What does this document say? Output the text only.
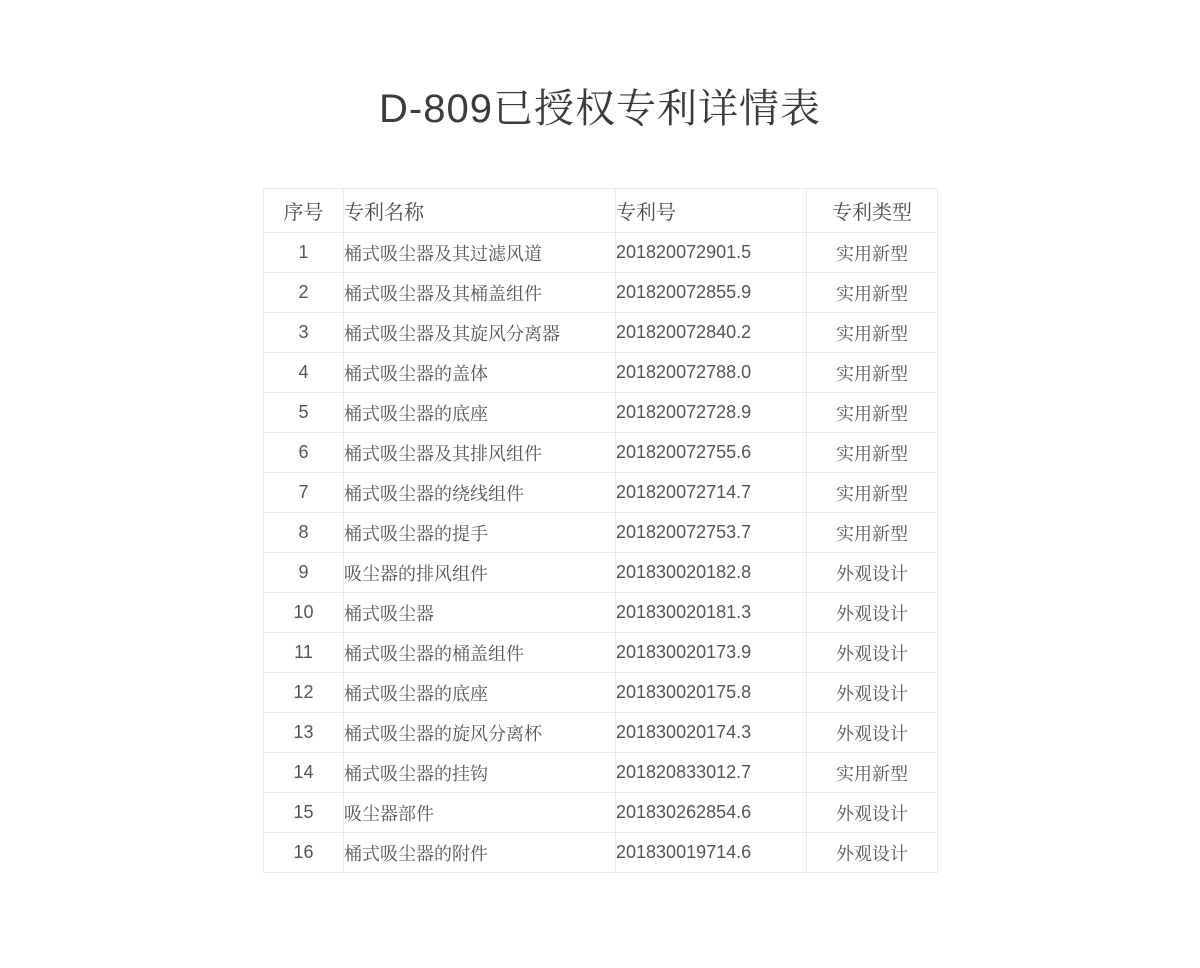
D-809已授权专利详情表
序号	专利名称	专利号	专利类型
1	桶式吸尘器及其过滤风道	201820072901.5	实用新型
2	桶式吸尘器及其桶盖组件	201820072855.9	实用新型
3	桶式吸尘器及其旋风分离器	201820072840.2	实用新型
4	桶式吸尘器的盖体	201820072788.0	实用新型
5	桶式吸尘器的底座	201820072728.9	实用新型
6	桶式吸尘器及其排风组件	201820072755.6	实用新型
7	桶式吸尘器的绕线组件	201820072714.7	实用新型
8	桶式吸尘器的提手	201820072753.7	实用新型
9	吸尘器的排风组件	201830020182.8	外观设计
10	桶式吸尘器	201830020181.3	外观设计
11	桶式吸尘器的桶盖组件	201830020173.9	外观设计
12	桶式吸尘器的底座	201830020175.8	外观设计
13	桶式吸尘器的旋风分离杯	201830020174.3	外观设计
14	桶式吸尘器的挂钩	201820833012.7	实用新型
15	吸尘器部件	201830262854.6	外观设计
16	桶式吸尘器的附件	201830019714.6	外观设计
